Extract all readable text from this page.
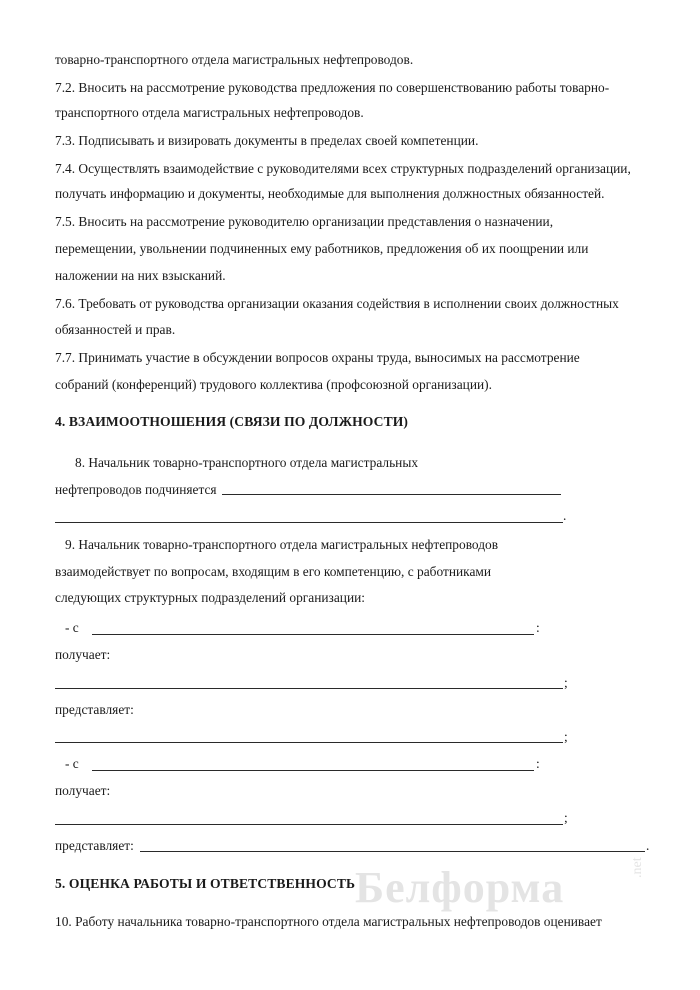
Белформа	.net
товарно-транспортного отдела магистральных нефтепроводов.
7.2. Вносить на рассмотрение руководства предложения по совершенствованию работы товарно-
транспортного отдела магистральных нефтепроводов.
7.3. Подписывать и визировать документы в пределах своей компетенции.
7.4. Осуществлять взаимодействие с руководителями всех структурных подразделений организации,
получать информацию и документы, необходимые для выполнения должностных обязанностей.
7.5. Вносить на рассмотрение руководителю организации представления о назначении,
перемещении, увольнении подчиненных ему работников, предложения об их поощрении или
наложении на них взысканий.
7.6. Требовать от руководства организации оказания содействия в исполнении своих должностных
обязанностей и прав.
7.7. Принимать участие в обсуждении вопросов охраны труда, выносимых на рассмотрение
собраний (конференций) трудового коллектива (профсоюзной организации).
4. ВЗАИМООТНОШЕНИЯ (СВЯЗИ ПО ДОЛЖНОСТИ)
8. Начальник товарно-транспортного отдела магистральных
нефтепроводов подчиняется
.
9. Начальник товарно-транспортного отдела магистральных нефтепроводов
взаимодействует по вопросам, входящим в его компетенцию, с работниками
следующих структурных подразделений организации:
- с	:
получает:
;
представляет:
;
- с	:
получает:
;
представляет:	.
5. ОЦЕНКА РАБОТЫ И ОТВЕТСТВЕННОСТЬ
10. Работу начальника товарно-транспортного отдела магистральных нефтепроводов оценивает
